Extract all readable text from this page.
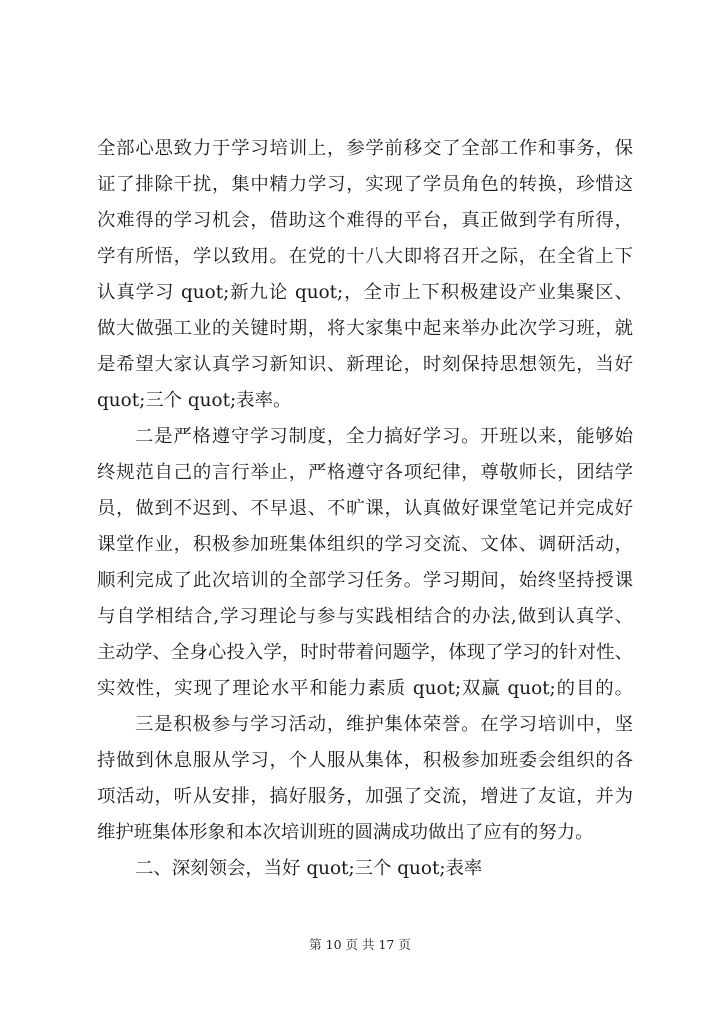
全部心思致力于学习培训上，参学前移交了全部工作和事务，保
证了排除干扰，集中精力学习，实现了学员角色的转换，珍惜这
次难得的学习机会，借助这个难得的平台，真正做到学有所得，
学有所悟，学以致用。在党的十八大即将召开之际，在全省上下
认真学习 quot;新九论 quot;，全市上下积极建设产业集聚区、
做大做强工业的关键时期，将大家集中起来举办此次学习班，就
是希望大家认真学习新知识、新理论，时刻保持思想领先，当好
quot;三个 quot;表率。
二是严格遵守学习制度，全力搞好学习。开班以来，能够始
终规范自己的言行举止，严格遵守各项纪律，尊敬师长，团结学
员，做到不迟到、不早退、不旷课，认真做好课堂笔记并完成好
课堂作业，积极参加班集体组织的学习交流、文体、调研活动，
顺利完成了此次培训的全部学习任务。学习期间，始终坚持授课
与自学相结合,学习理论与参与实践相结合的办法,做到认真学、
主动学、全身心投入学，时时带着问题学，体现了学习的针对性、
实效性，实现了理论水平和能力素质 quot;双赢 quot;的目的。
三是积极参与学习活动，维护集体荣誉。在学习培训中，坚
持做到休息服从学习，个人服从集体，积极参加班委会组织的各
项活动，听从安排，搞好服务，加强了交流，增进了友谊，并为
维护班集体形象和本次培训班的圆满成功做出了应有的努力。
二、深刻领会，当好 quot;三个 quot;表率
第 10 页 共 17 页
